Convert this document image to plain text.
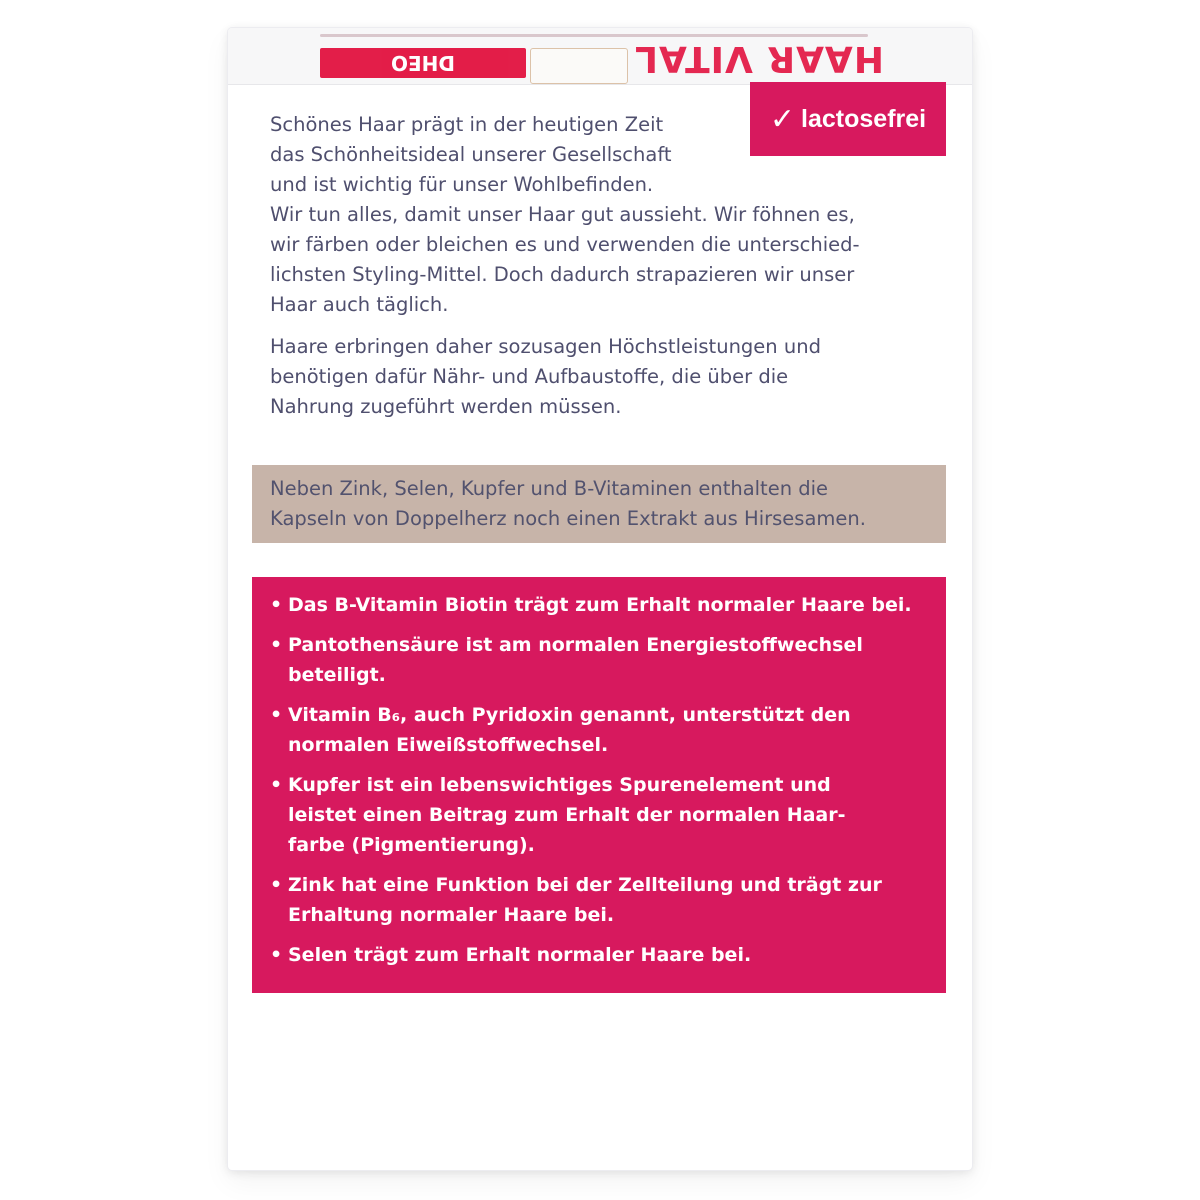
DHEO	HAAR VITAL
✓ lactosefrei

Schönes Haar prägt in der heutigen Zeit
das Schönheitsideal unserer Gesellschaft
und ist wichtig für unser Wohlbefinden.
Wir tun alles, damit unser Haar gut aussieht. Wir föhnen es,
wir färben oder bleichen es und verwenden die unterschied-
lichsten Styling-Mittel. Doch dadurch strapazieren wir unser
Haar auch täglich.

Haare erbringen daher sozusagen Höchstleistungen und
benötigen dafür Nähr- und Aufbaustoffe, die über die
Nahrung zugeführt werden müssen.

Neben Zink, Selen, Kupfer und B-Vitaminen enthalten die
Kapseln von Doppelherz noch einen Extrakt aus Hirsesamen.
• Das B-Vitamin Biotin trägt zum Erhalt normaler Haare bei.
• Pantothensäure ist am normalen Energiestoffwechsel
beteiligt.
• Vitamin B₆, auch Pyridoxin genannt, unterstützt den
normalen Eiweißstoffwechsel.
• Kupfer ist ein lebenswichtiges Spurenelement und
leistet einen Beitrag zum Erhalt der normalen Haar-
farbe (Pigmentierung).
• Zink hat eine Funktion bei der Zellteilung und trägt zur
Erhaltung normaler Haare bei.
• Selen trägt zum Erhalt normaler Haare bei.
